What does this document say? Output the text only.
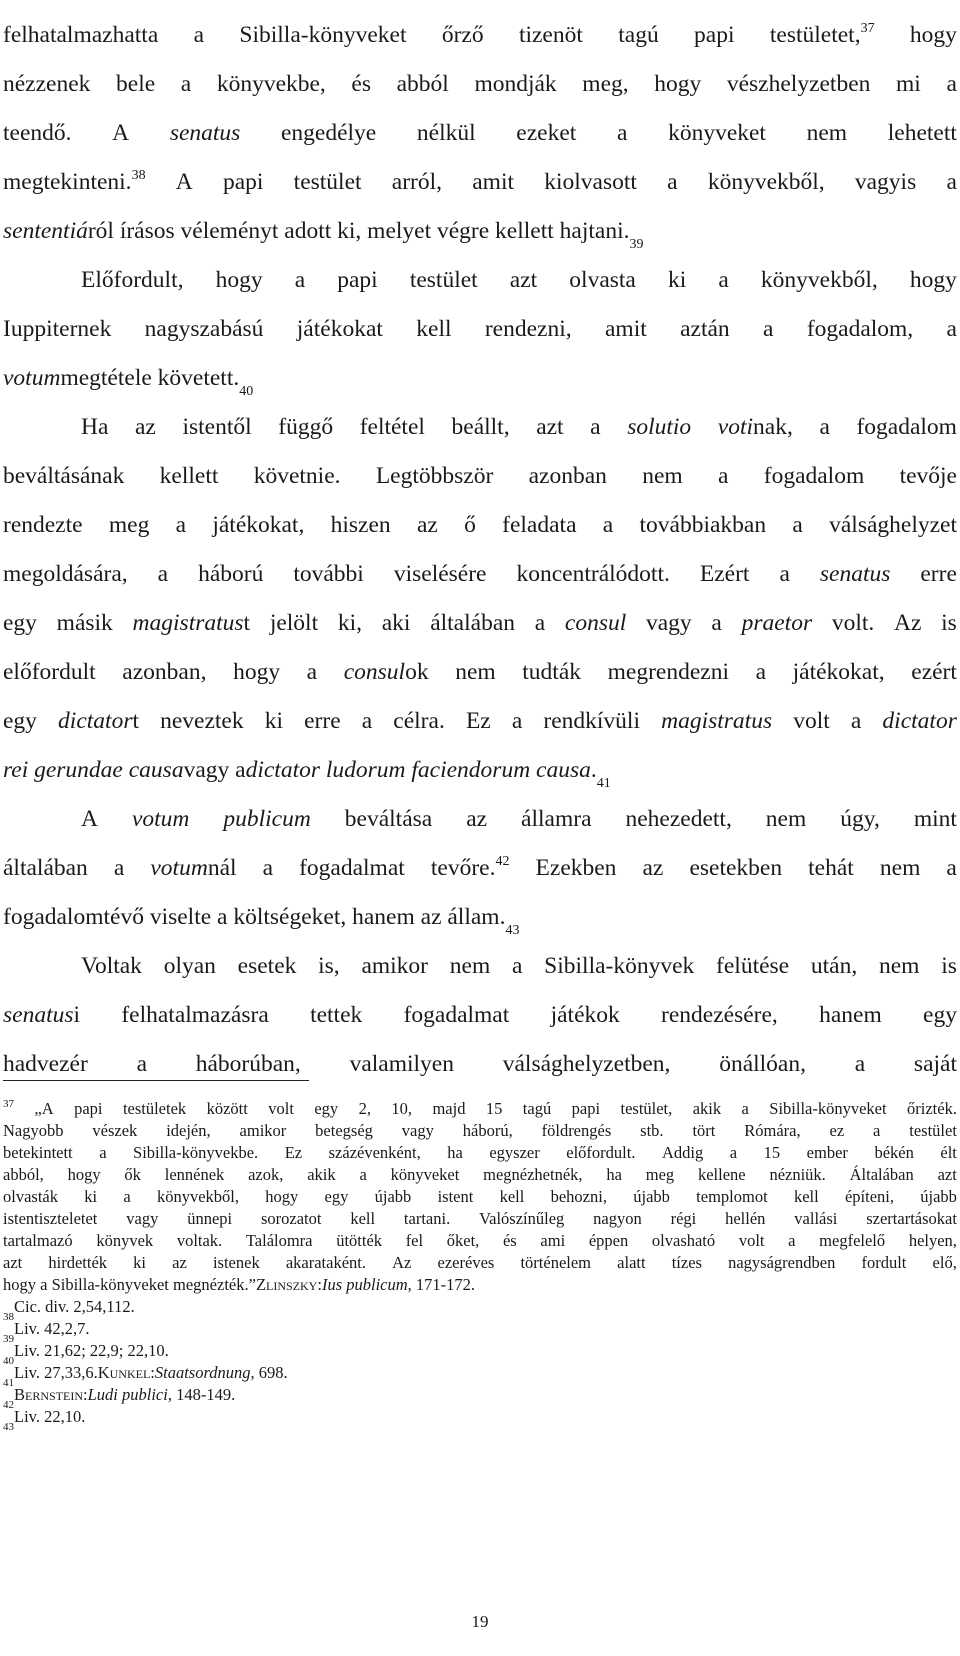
felhatalmazhatta a Sibilla-könyveket őrző tizenöt tagú papi testületet,$^{37}$ hogy
nézzenek bele a könyvekbe, és abból mondják meg, hogy vészhelyzetben mi a
teendő. A senatus engedélye nélkül ezeket a könyveket nem lehetett
megtekinteni.$^{38}$ A papi testület arról, amit kiolvasott a könyvekből, vagyis a
sententiá ról írásos véleményt adott ki, melyet végre kellett hajtani.
39
Előfordult, hogy a papi testület azt olvasta ki a könyvekből, hogy
Iuppiternek nagyszabású játékokat kell rendezni, amit aztán a fogadalom, a
votum megtétele követett.
40
Ha az istentől függő feltétel beállt, azt a solutio votinak, a fogadalom
beváltásának kellett követnie. Legtöbbször azonban nem a fogadalom tevője
rendezte meg a játékokat, hiszen az ő feladata a továbbiakban a válsághelyzet
megoldására, a háború további viselésére koncentrálódott. Ezért a senatus erre
egy másik magistratust jelölt ki, aki általában a consul vagy a praetor volt. Az is
előfordult azonban, hogy a consulok nem tudták megrendezni a játékokat, ezért
egy dictatort neveztek ki erre a célra. Ez a rendkívüli magistratus volt a dictator
rei gerundae causa vagy a dictator ludorum faciendorum causa .
41
A votum publicum beváltása az államra nehezedett, nem úgy, mint
általában a votumnál a fogadalmat tevőre.$^{42}$ Ezekben az esetekben tehát nem a
fogadalomtévő viselte a költségeket, hanem az állam.
43
Voltak olyan esetek is, amikor nem a Sibilla-könyvek felütése után, nem is
senatusi felhatalmazásra tettek fogadalmat játékok rendezésére, hanem egy
hadvezér a háborúban, valamilyen válsághelyzetben, önállóan, a saját
$^{37}$ „A papi testületek között volt egy 2, 10, majd 15 tagú papi testület, akik a Sibilla-könyveket őrizték.
Nagyobb vészek idején, amikor betegség vagy háború, földrengés stb. tört Rómára, ez a testület
betekintett a Sibilla-könyvekbe. Ez százévenként, ha egyszer előfordult. Addig a 15 ember békén élt
abból, hogy ők lennének azok, akik a könyveket megnézhetnék, ha meg kellene nézniük. Általában azt
olvasták ki a könyvekből, hogy egy újabb istent kell behozni, újabb templomot kell építeni, újabb
istentiszteletet vagy ünnepi sorozatot kell tartani. Valószínűleg nagyon régi hellén vallási szertartásokat
tartalmazó könyvek voltak. Találomra ütötték fel őket, és ami éppen olvasható volt a megfelelő helyen,
azt hirdették ki az istenek akarataként. Az ezeréves történelem alatt tízes nagyságrendben fordult elő,
hogy a Sibilla-könyveket megnézték.” Zlinszky : Ius publicum , 171-172.
38
Cic. div. 2,54,112.
39
Liv. 42,2,7.
40
Liv. 21,62; 22,9; 22,10.
41
Liv. 27,33,6. Kunkel : Staatsordnung , 698.
42
Bernstein : Ludi publici , 148-149.
43
Liv. 22,10.
19
